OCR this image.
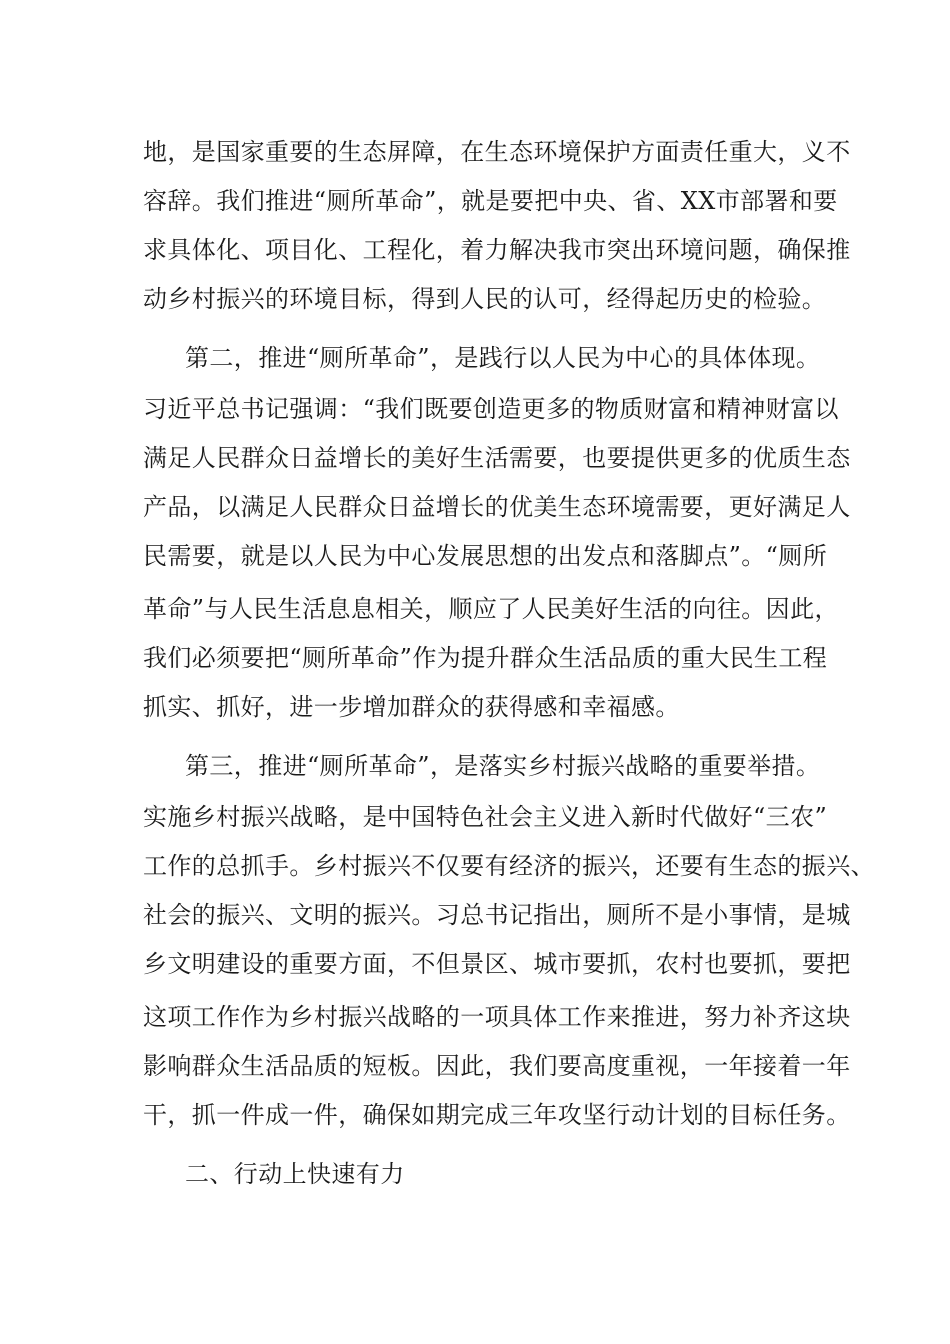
地，是国家重要的生态屏障，在生态环境保护方面责任重大，义不
容辞。我们推进“厕所革命”，就是要把中央、省、XX市部署和要
求具体化、项目化、工程化，着力解决我市突出环境问题，确保推
动乡村振兴的环境目标，得到人民的认可，经得起历史的检验。
第二，推进“厕所革命”，是践行以人民为中心的具体体现。
习近平总书记强调：“我们既要创造更多的物质财富和精神财富以
满足人民群众日益增长的美好生活需要，也要提供更多的优质生态
产品，以满足人民群众日益增长的优美生态环境需要，更好满足人
民需要，就是以人民为中心发展思想的出发点和落脚点”。“厕所
革命”与人民生活息息相关，顺应了人民美好生活的向往。因此，
我们必须要把“厕所革命”作为提升群众生活品质的重大民生工程
抓实、抓好，进一步增加群众的获得感和幸福感。
第三，推进“厕所革命”，是落实乡村振兴战略的重要举措。
实施乡村振兴战略，是中国特色社会主义进入新时代做好“三农”
工作的总抓手。乡村振兴不仅要有经济的振兴，还要有生态的振兴、
社会的振兴、文明的振兴。习总书记指出，厕所不是小事情，是城
乡文明建设的重要方面，不但景区、城市要抓，农村也要抓，要把
这项工作作为乡村振兴战略的一项具体工作来推进，努力补齐这块
影响群众生活品质的短板。因此，我们要高度重视，一年接着一年
干，抓一件成一件，确保如期完成三年攻坚行动计划的目标任务。
二、行动上快速有力
